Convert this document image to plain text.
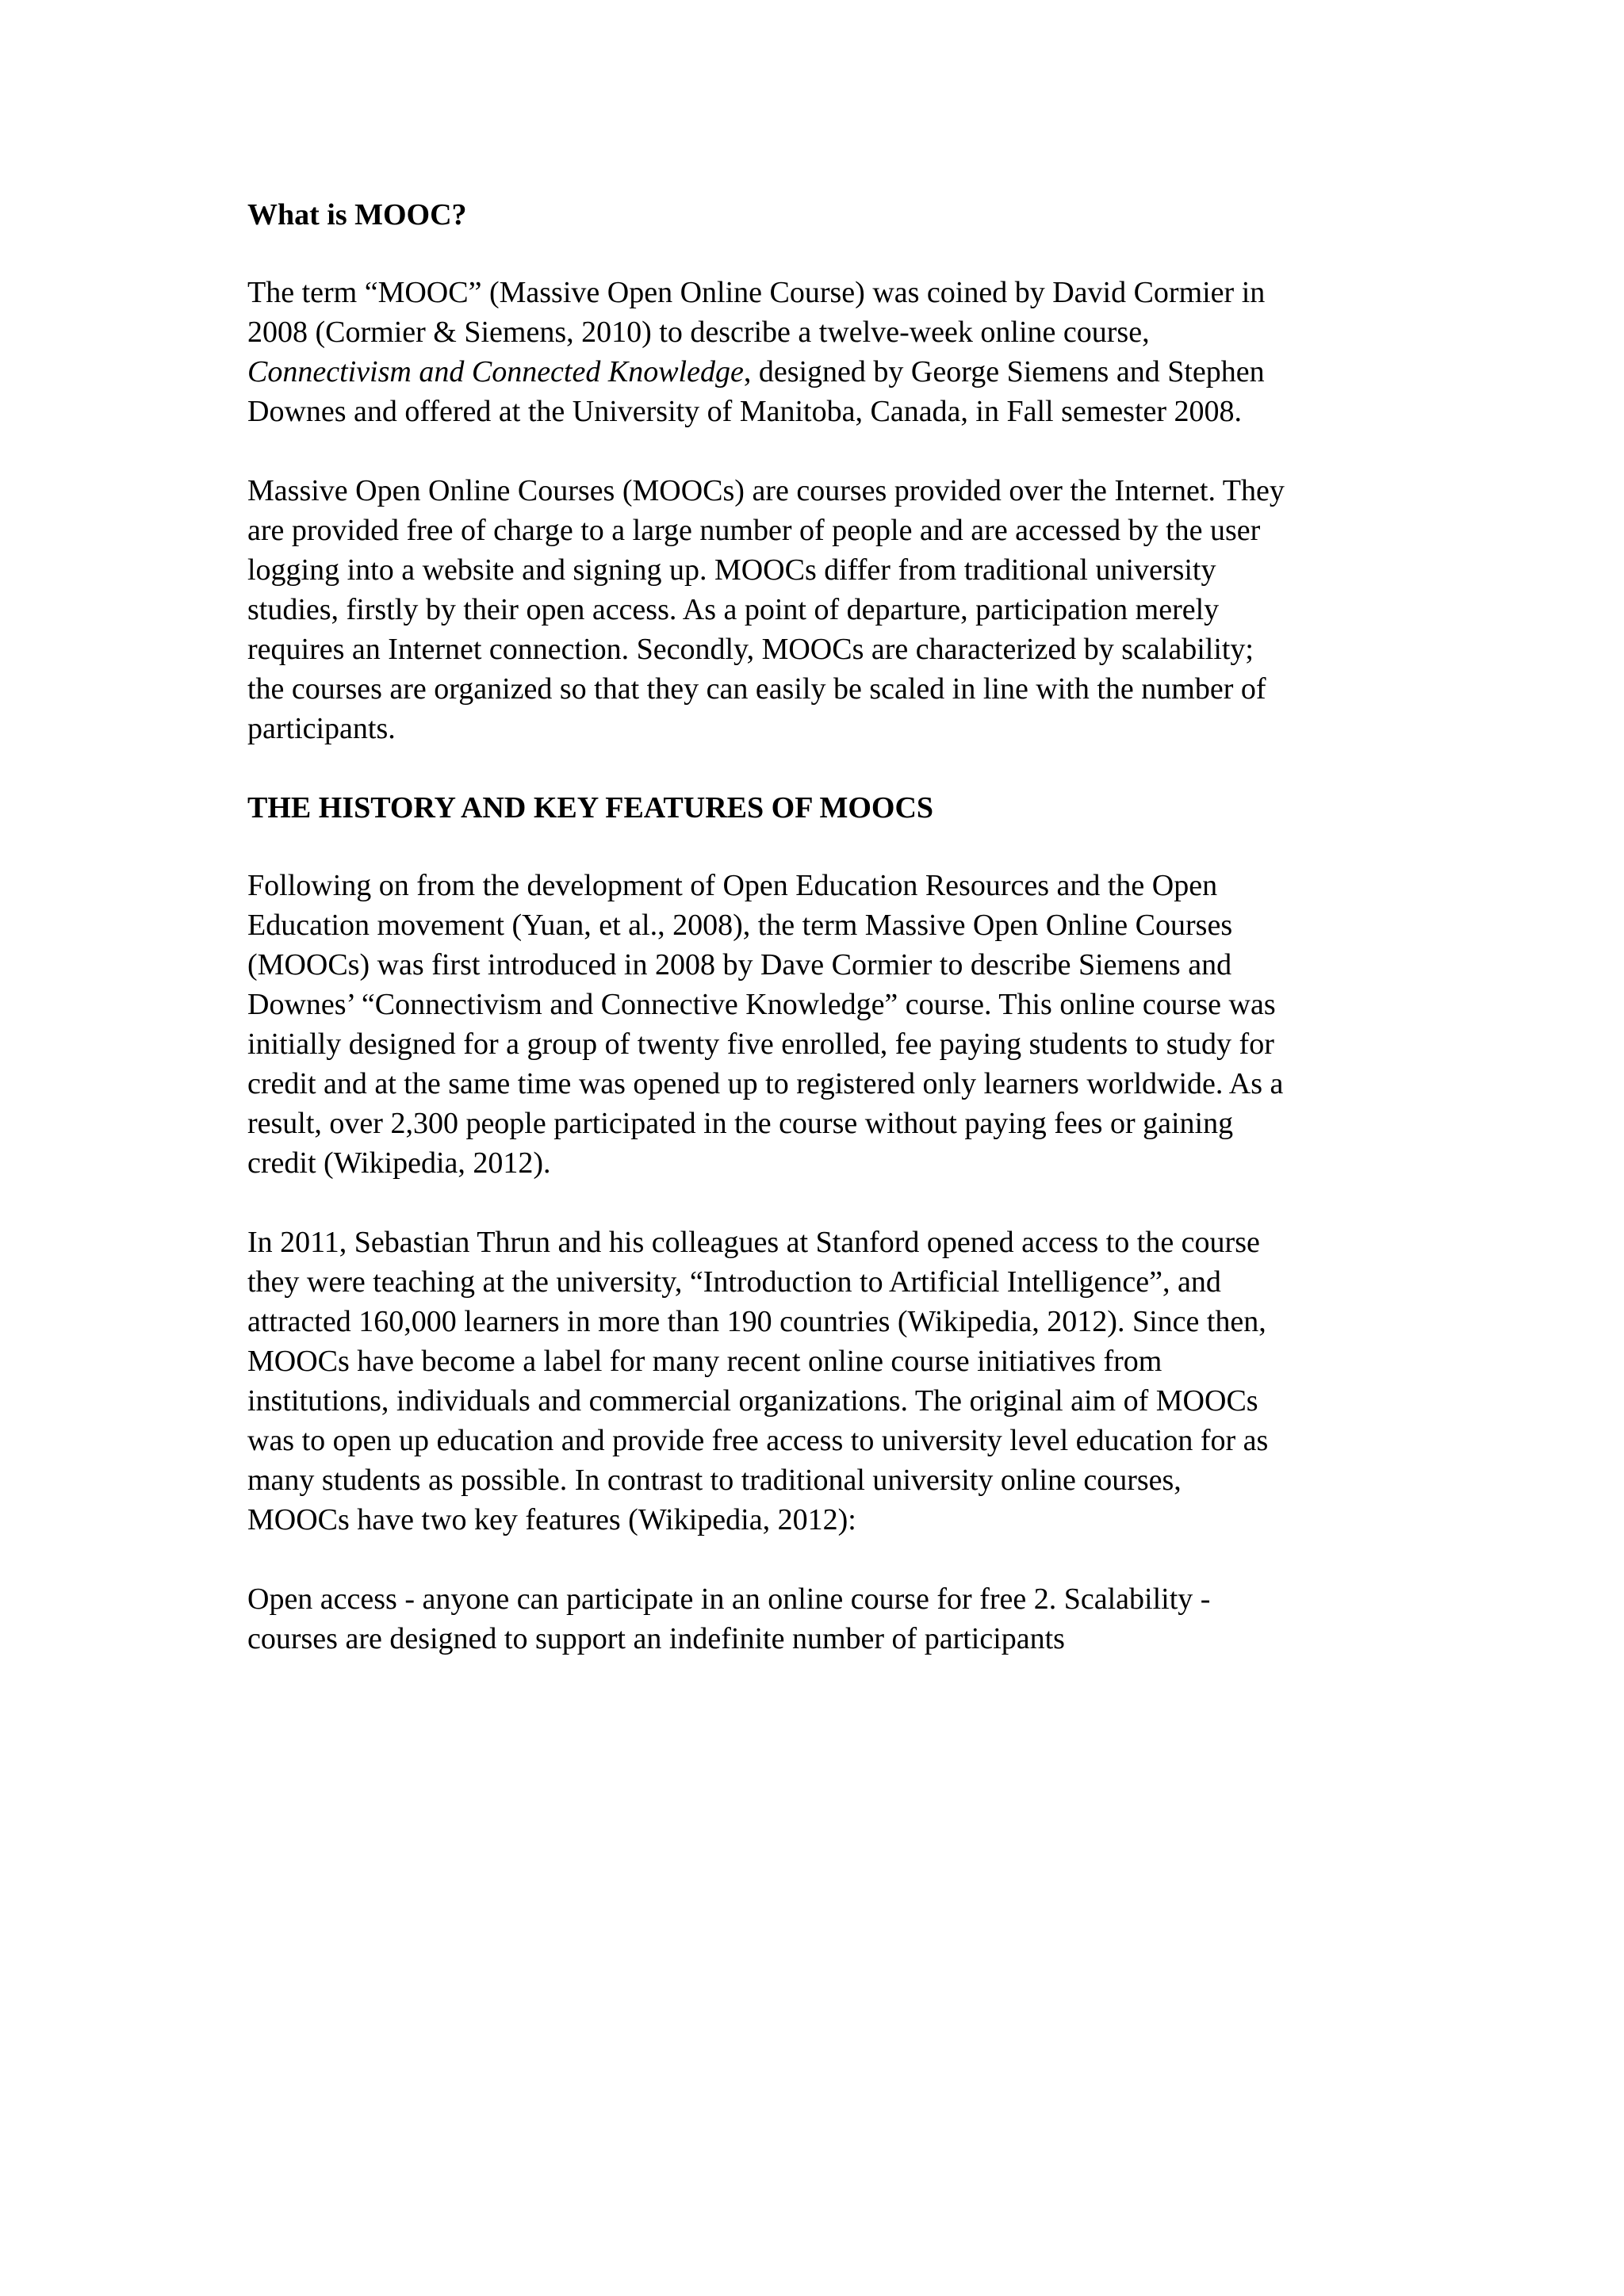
What is MOOC?
The term “MOOC” (Massive Open Online Course) was coined by David Cormier in
2008 (Cormier & Siemens, 2010) to describe a twelve-week online course,
Connectivism and Connected Knowledge, designed by George Siemens and Stephen
Downes and offered at the University of Manitoba, Canada, in Fall semester 2008.
Massive Open Online Courses (MOOCs) are courses provided over the Internet. They
are provided free of charge to a large number of people and are accessed by the user
logging into a website and signing up. MOOCs differ from traditional university
studies, firstly by their open access. As a point of departure, participation merely
requires an Internet connection. Secondly, MOOCs are characterized by scalability;
the courses are organized so that they can easily be scaled in line with the number of
participants.
THE HISTORY AND KEY FEATURES OF MOOCS
Following on from the development of Open Education Resources and the Open
Education movement (Yuan, et al., 2008), the term Massive Open Online Courses
(MOOCs) was first introduced in 2008 by Dave Cormier to describe Siemens and
Downes’ “Connectivism and Connective Knowledge” course. This online course was
initially designed for a group of twenty five enrolled, fee paying students to study for
credit and at the same time was opened up to registered only learners worldwide. As a
result, over 2,300 people participated in the course without paying fees or gaining
credit (Wikipedia, 2012).
In 2011, Sebastian Thrun and his colleagues at Stanford opened access to the course
they were teaching at the university, “Introduction to Artificial Intelligence”, and
attracted 160,000 learners in more than 190 countries (Wikipedia, 2012). Since then,
MOOCs have become a label for many recent online course initiatives from
institutions, individuals and commercial organizations. The original aim of MOOCs
was to open up education and provide free access to university level education for as
many students as possible. In contrast to traditional university online courses,
MOOCs have two key features (Wikipedia, 2012):
Open access - anyone can participate in an online course for free 2. Scalability -
courses are designed to support an indefinite number of participants
